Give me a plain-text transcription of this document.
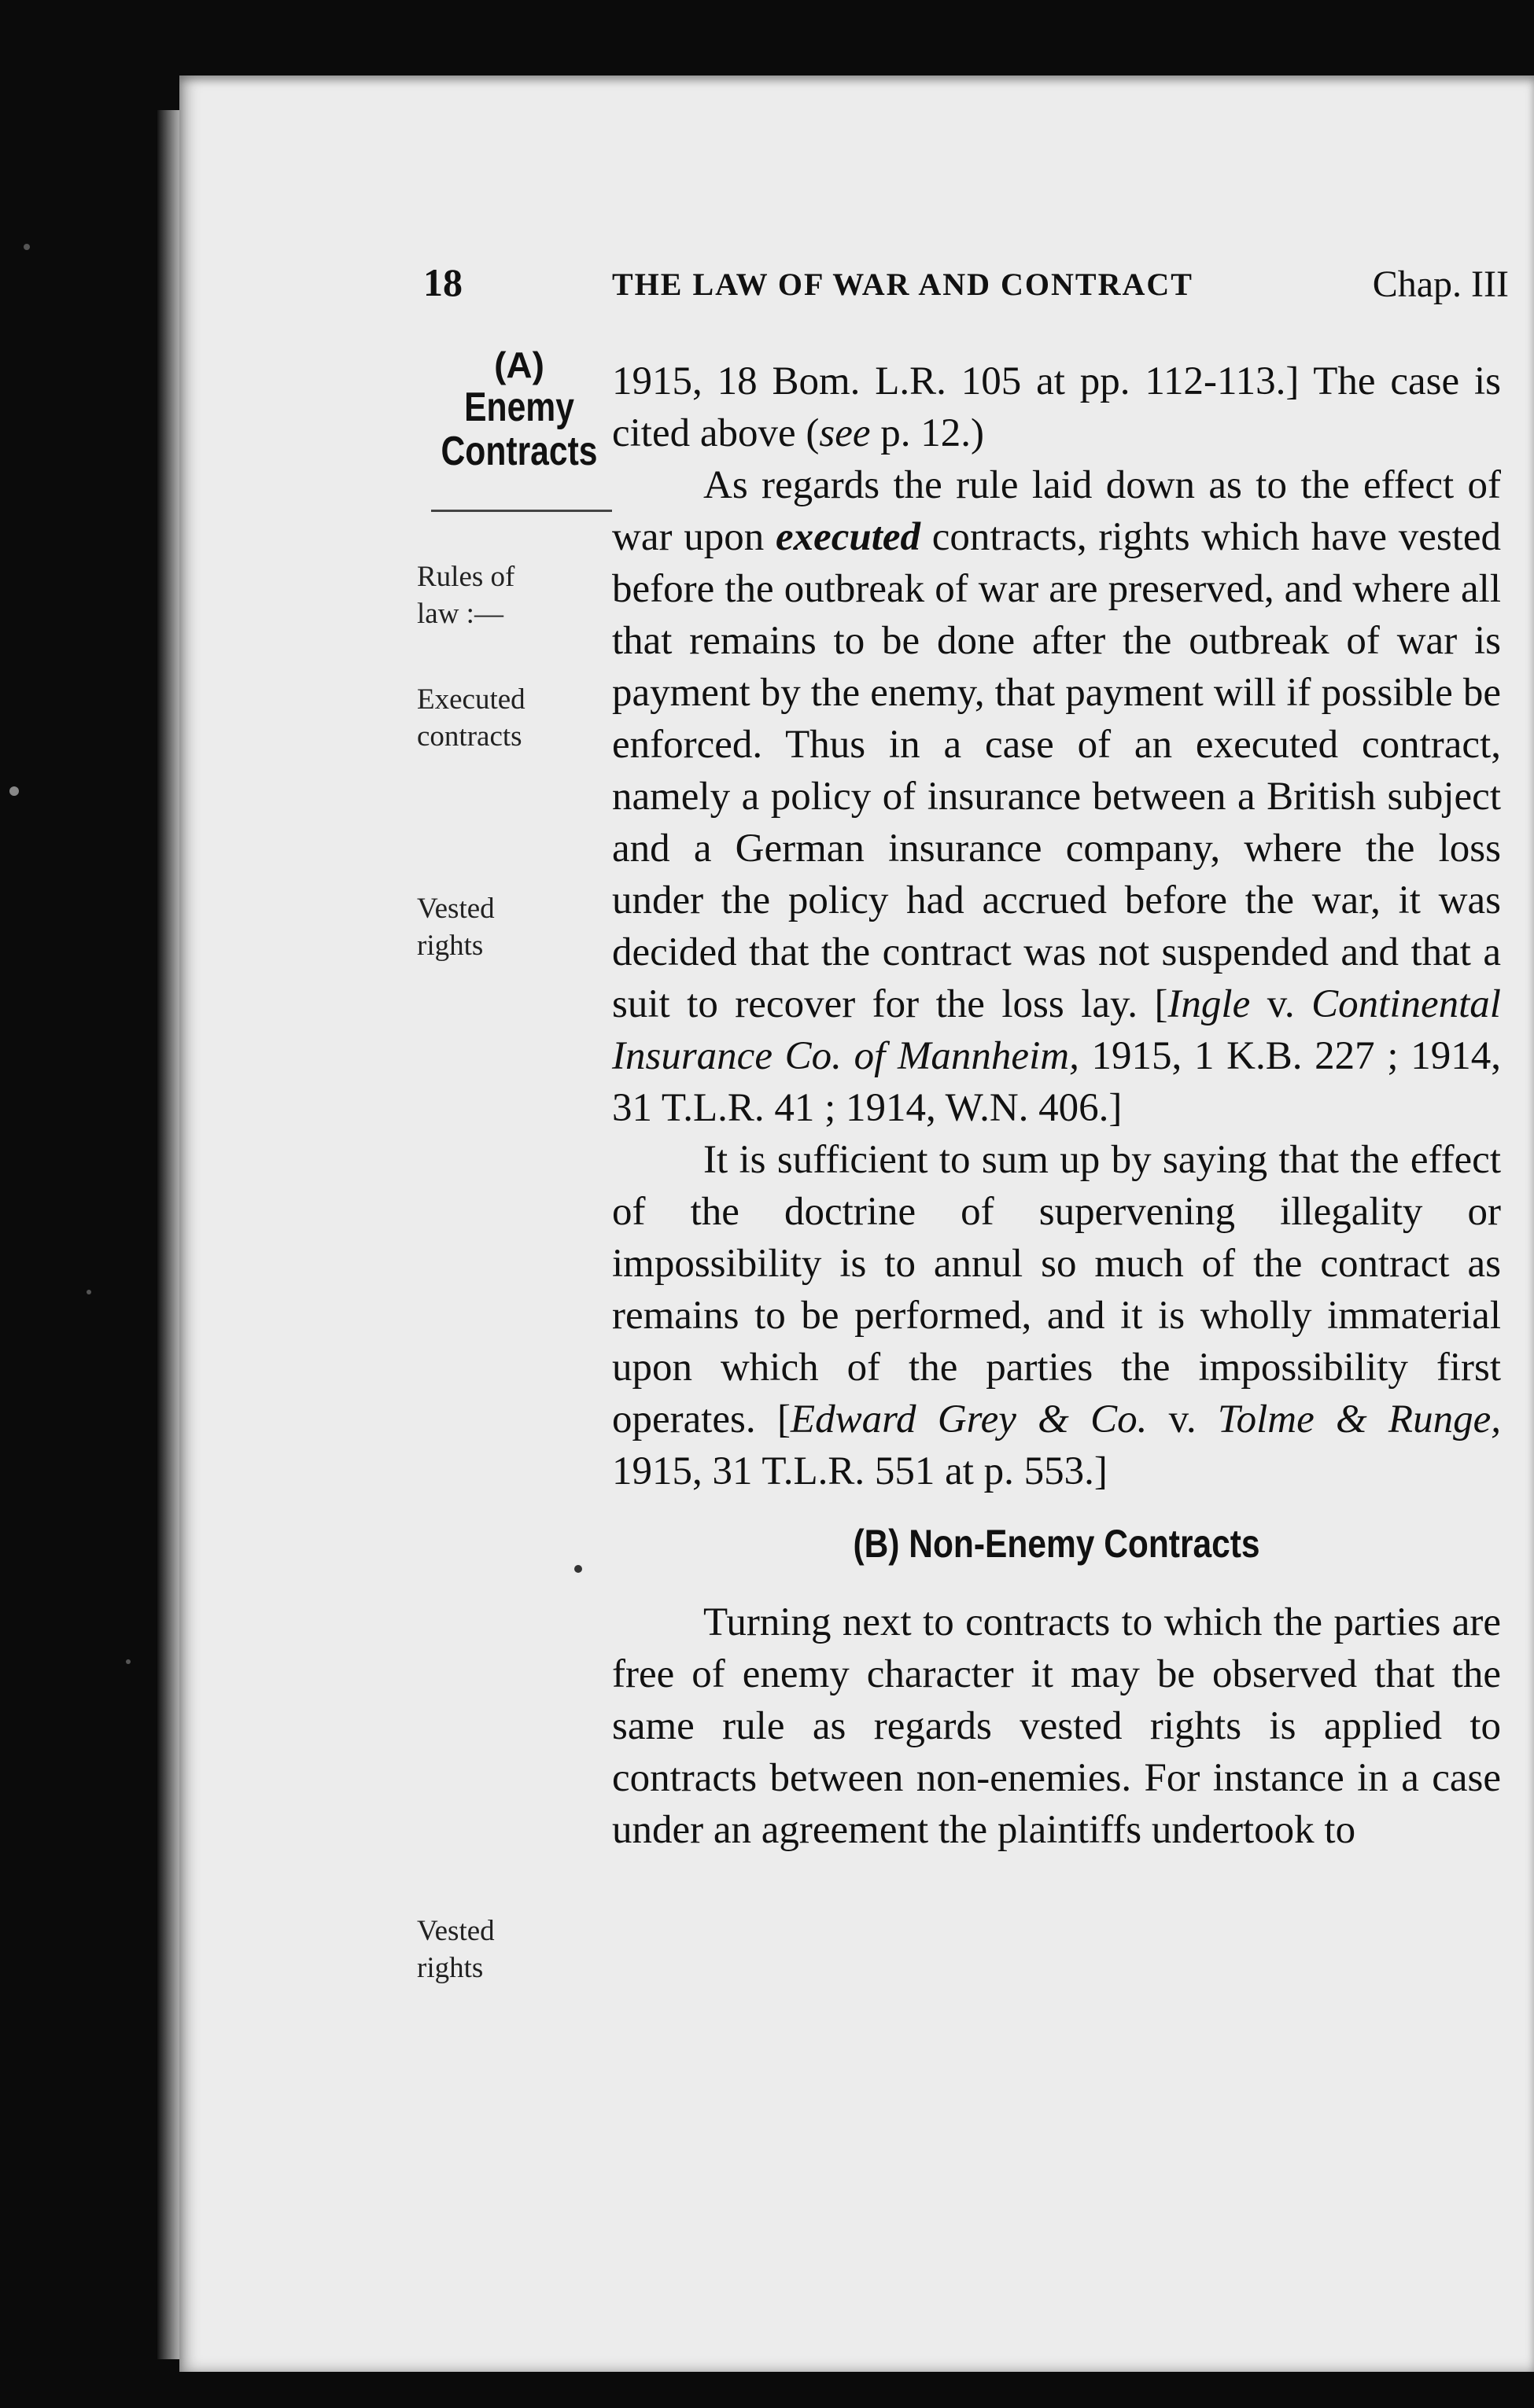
18	THE LAW OF WAR AND CONTRACT	Chap. III
(A)
Enemy
Contracts
Rules of
law :—
Executed
contracts
Vested
rights
Vested
rights

1915, 18 Bom. L.R. 105 at pp. 112-113.] The case is cited above (see p. 12.)

As regards the rule laid down as to the effect of war upon executed contracts, rights which have vested before the outbreak of war are preserved, and where all that remains to be done after the outbreak of war is payment by the enemy, that payment will if possible be enforced. Thus in a case of an executed contract, namely a policy of insurance between a British subject and a German insurance company, where the loss under the policy had accrued before the war, it was decided that the contract was not suspended and that a suit to recover for the loss lay. [Ingle v. Continental Insurance Co. of Mannheim, 1915, 1 K.B. 227 ; 1914, 31 T.L.R. 41 ; 1914, W.N. 406.]

It is sufficient to sum up by saying that the effect of the doctrine of supervening illegality or impossibility is to annul so much of the contract as remains to be performed, and it is wholly immaterial upon which of the parties the impossibility first operates. [Edward Grey & Co. v. Tolme & Runge, 1915, 31 T.L.R. 551 at p. 553.]

(B) Non-Enemy Contracts

Turning next to contracts to which the parties are free of enemy character it may be observed that the same rule as regards vested rights is applied to contracts between non-enemies. For instance in a case under an agreement the plaintiffs undertook to
